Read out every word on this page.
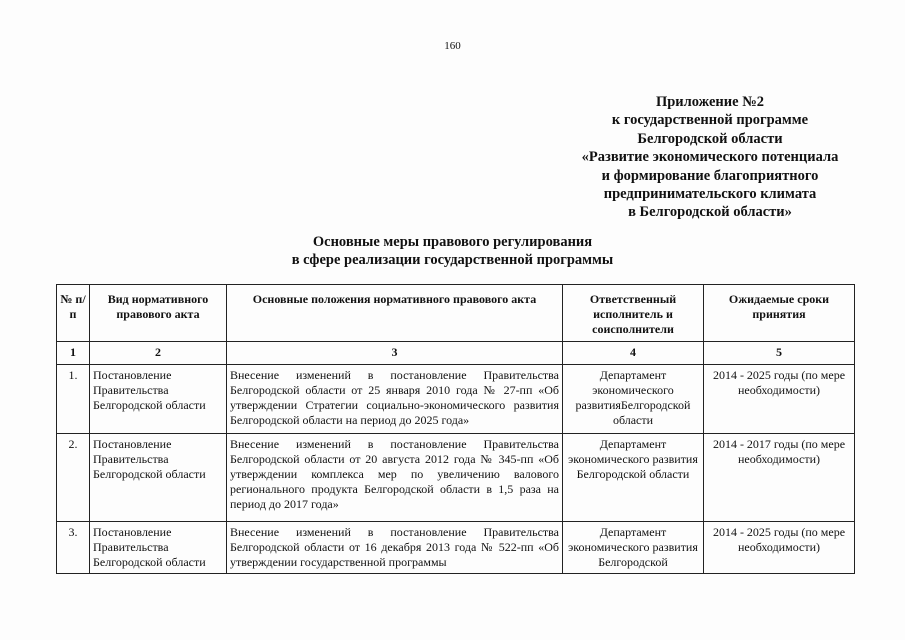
160
Приложение №2
к государственной программе
Белгородской области
«Развитие экономического потенциала
и формирование благоприятного
предпринимательского климата
в Белгородской области»
Основные меры правового регулирования
в сфере реализации государственной программы
№ п/п	Вид нормативного правового акта	Основные положения нормативного правового акта	Ответственный исполнитель и соисполнители	Ожидаемые сроки принятия
1	2	3	4	5
1.	Постановление Правительства Белгородской области	Внесение изменений в постановление Правительства Белгородской области от 25 января 2010 года № 27-пп «Об утверждении Стратегии социально-экономического развития Белгородской области на период до 2025 года»	Департамент экономического развитияБелгородской области	2014 - 2025 годы (по мере необходимости)
2.	Постановление Правительства Белгородской области	Внесение изменений в постановление Правительства Белгородской области от 20 августа 2012 года № 345-пп «Об утверждении комплекса мер по увеличению валового регионального продукта Белгородской области в 1,5 раза на период до 2017 года»	Департамент экономического развития Белгородской области	2014 - 2017 годы (по мере необходимости)
3.	Постановление Правительства Белгородской области	Внесение изменений в постановление Правительства Белгородской области от 16 декабря 2013 года № 522-пп «Об утверждении государственной программы	Департамент экономического развития Белгородской	2014 - 2025 годы (по мере необходимости)
